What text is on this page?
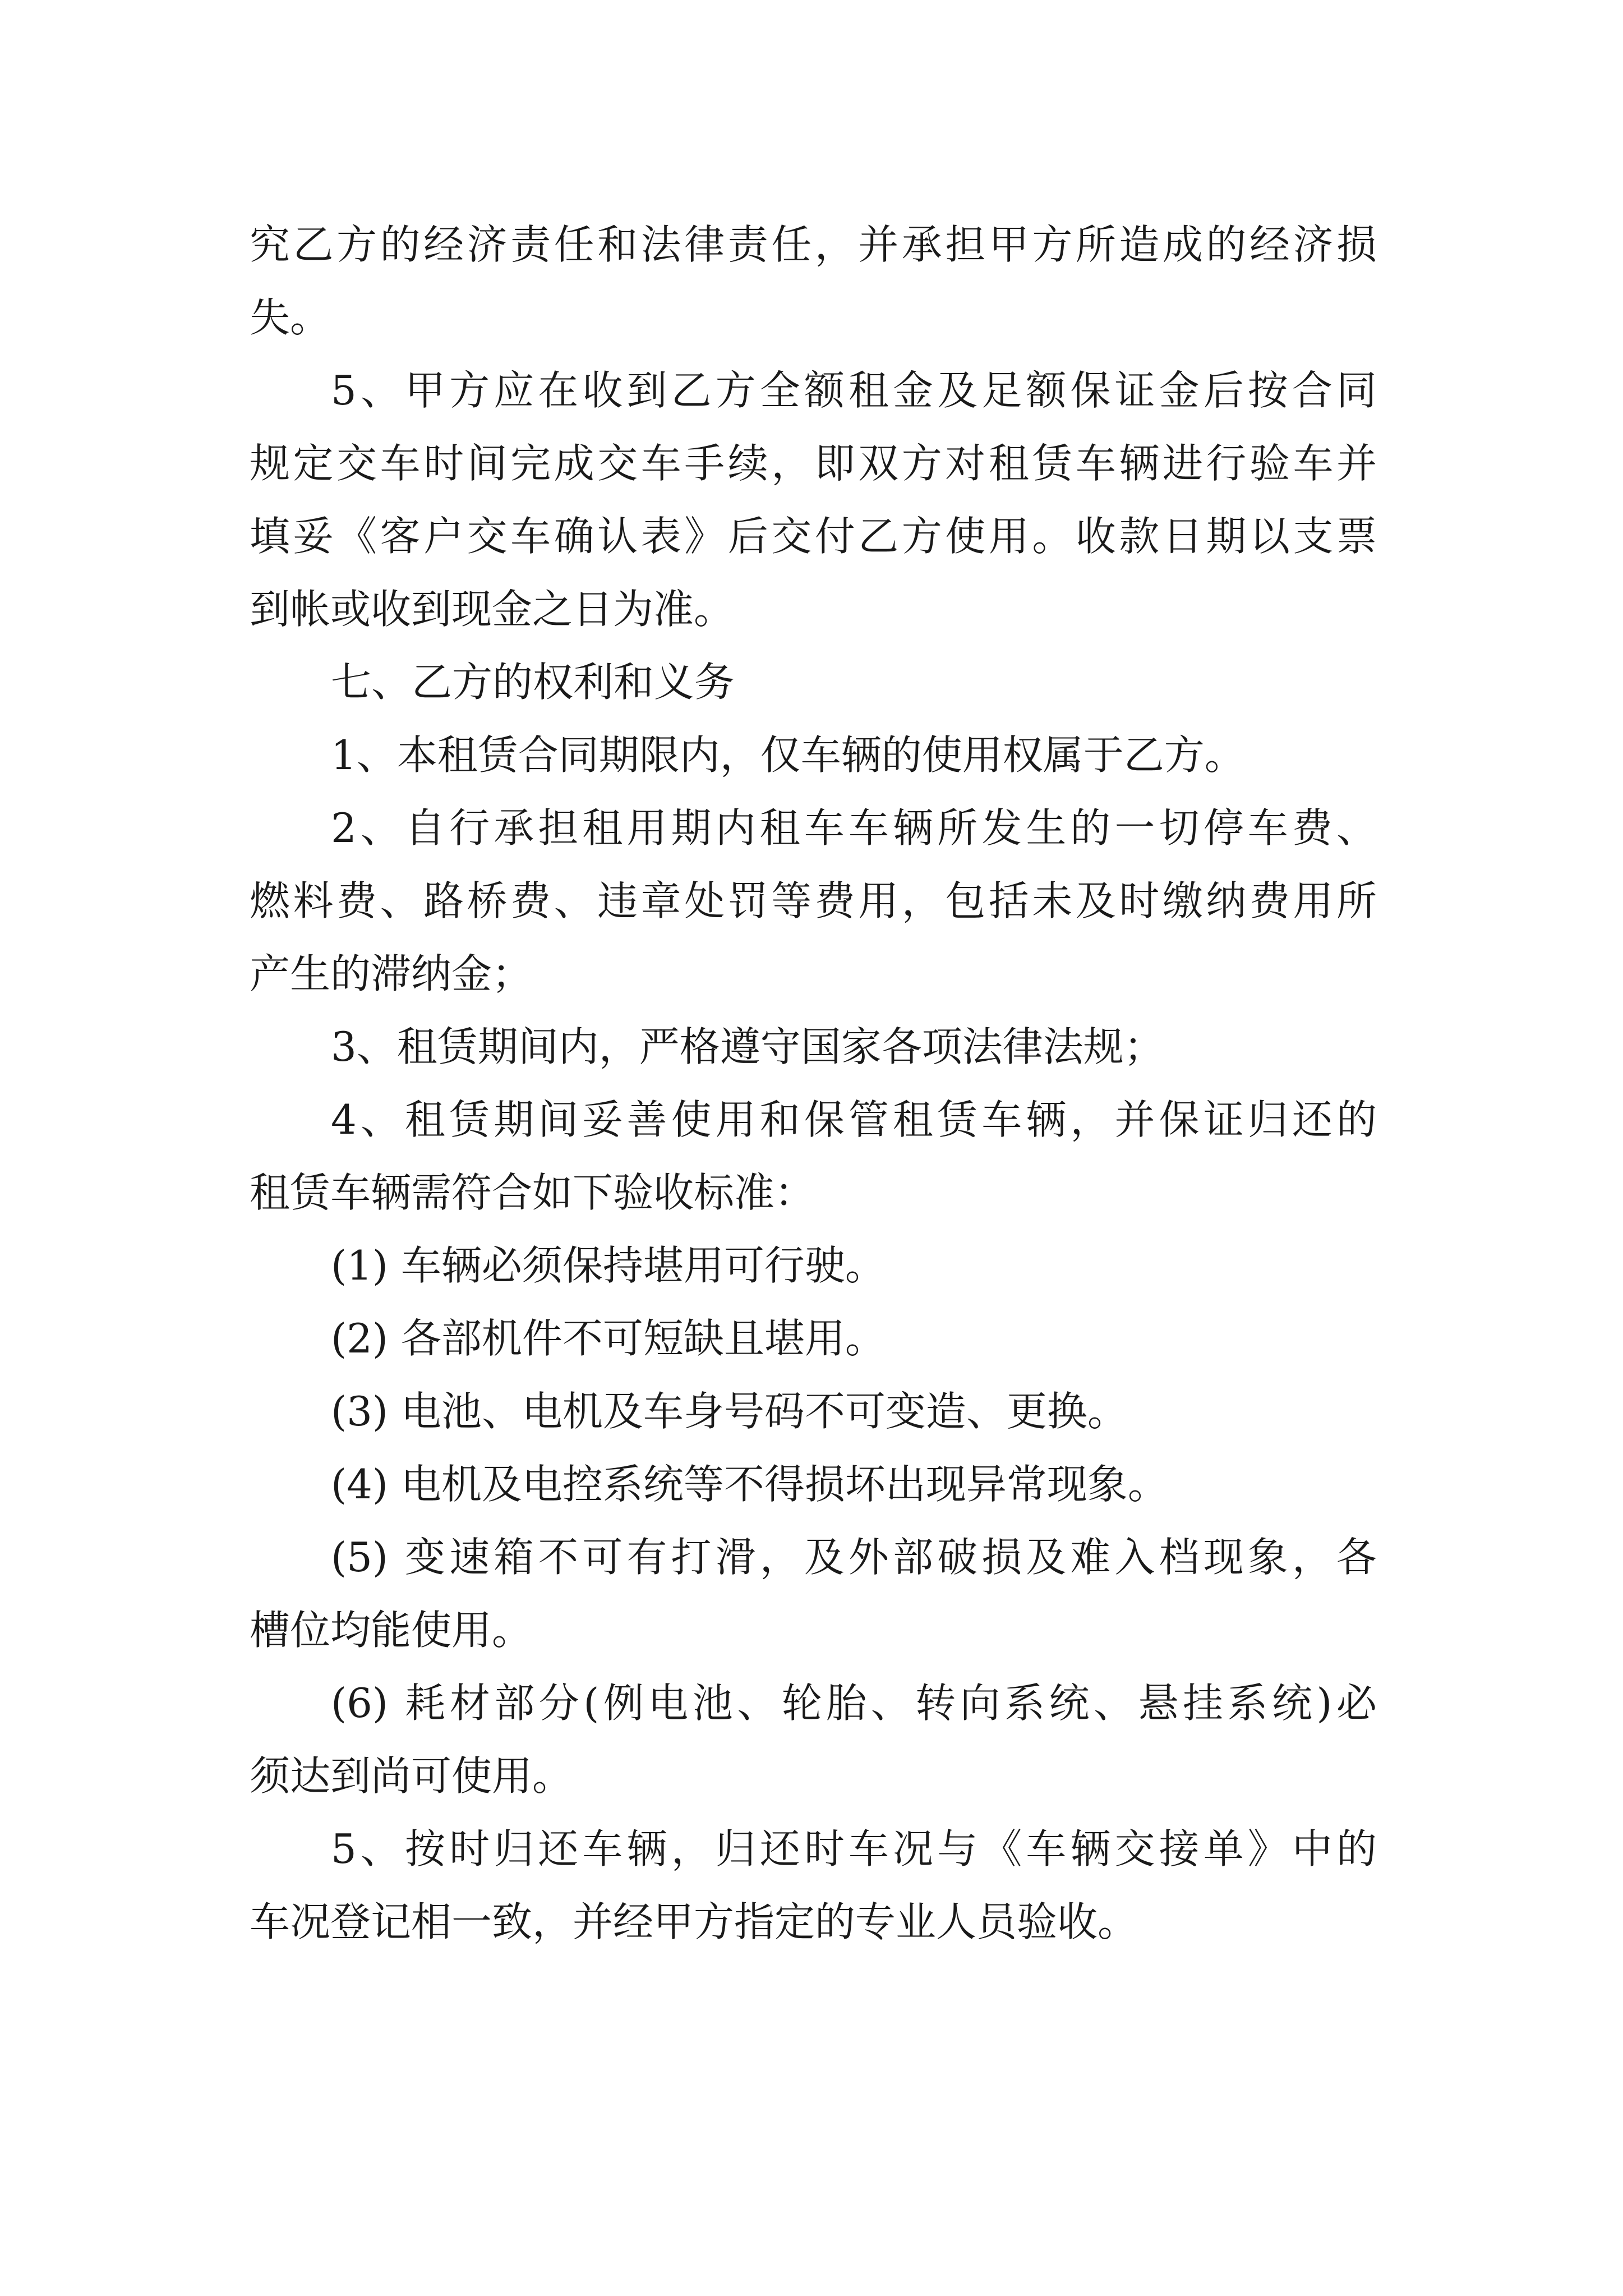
究乙方的经济责任和法律责任，并承担甲方所造成的经济损
失。
5、甲方应在收到乙方全额租金及足额保证金后按合同
规定交车时间完成交车手续，即双方对租赁车辆进行验车并
填妥《客户交车确认表》后交付乙方使用。收款日期以支票
到帐或收到现金之日为准。
七、乙方的权利和义务
1、本租赁合同期限内，仅车辆的使用权属于乙方。
2、自行承担租用期内租车车辆所发生的一切停车费、
燃料费、路桥费、违章处罚等费用，包括未及时缴纳费用所
产生的滞纳金；
3、租赁期间内，严格遵守国家各项法律法规；
4、租赁期间妥善使用和保管租赁车辆，并保证归还的
租赁车辆需符合如下验收标准：
(1) 车辆必须保持堪用可行驶。
(2) 各部机件不可短缺且堪用。
(3) 电池、电机及车身号码不可变造、更换。
(4) 电机及电控系统等不得损坏出现异常现象。
(5) 变速箱不可有打滑，及外部破损及难入档现象，各
槽位均能使用。
(6) 耗材部分(例电池、轮胎、转向系统、悬挂系统)必
须达到尚可使用。
5、按时归还车辆，归还时车况与《车辆交接单》中的
车况登记相一致，并经甲方指定的专业人员验收。
